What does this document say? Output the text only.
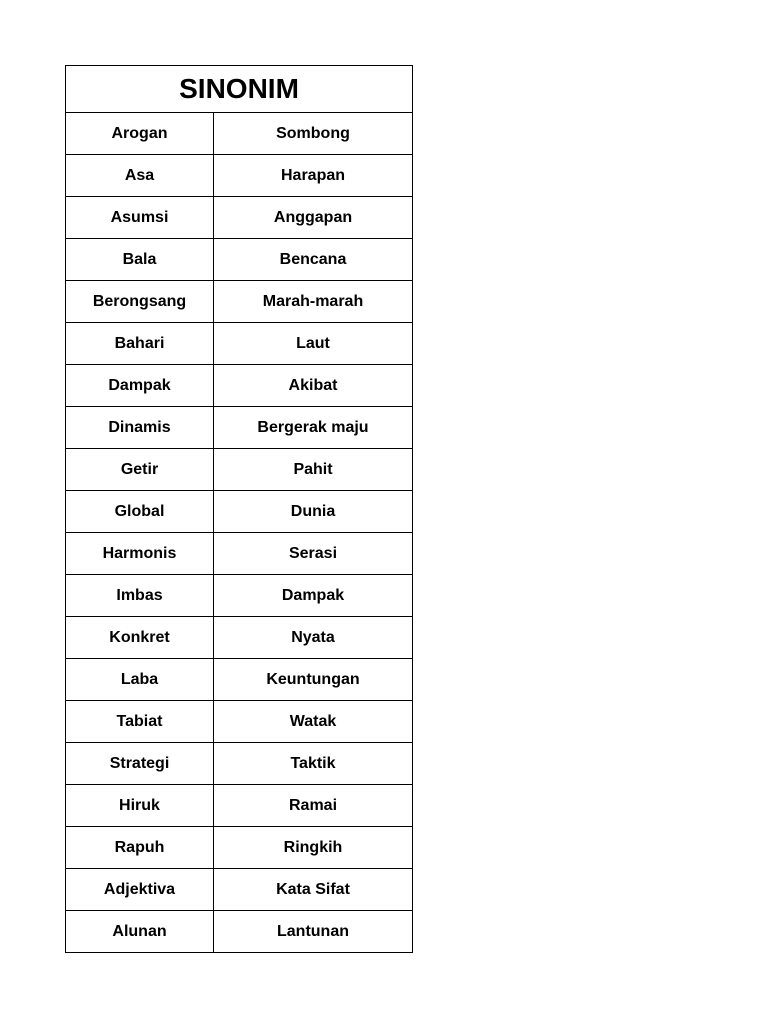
SINONIM	
Arogan	Sombong
Asa	Harapan
Asumsi	Anggapan
Bala	Bencana
Berongsang	Marah-marah
Bahari	Laut
Dampak	Akibat
Dinamis	Bergerak maju
Getir	Pahit
Global	Dunia
Harmonis	Serasi
Imbas	Dampak
Konkret	Nyata
Laba	Keuntungan
Tabiat	Watak
Strategi	Taktik
Hiruk	Ramai
Rapuh	Ringkih
Adjektiva	Kata Sifat
Alunan	Lantunan
